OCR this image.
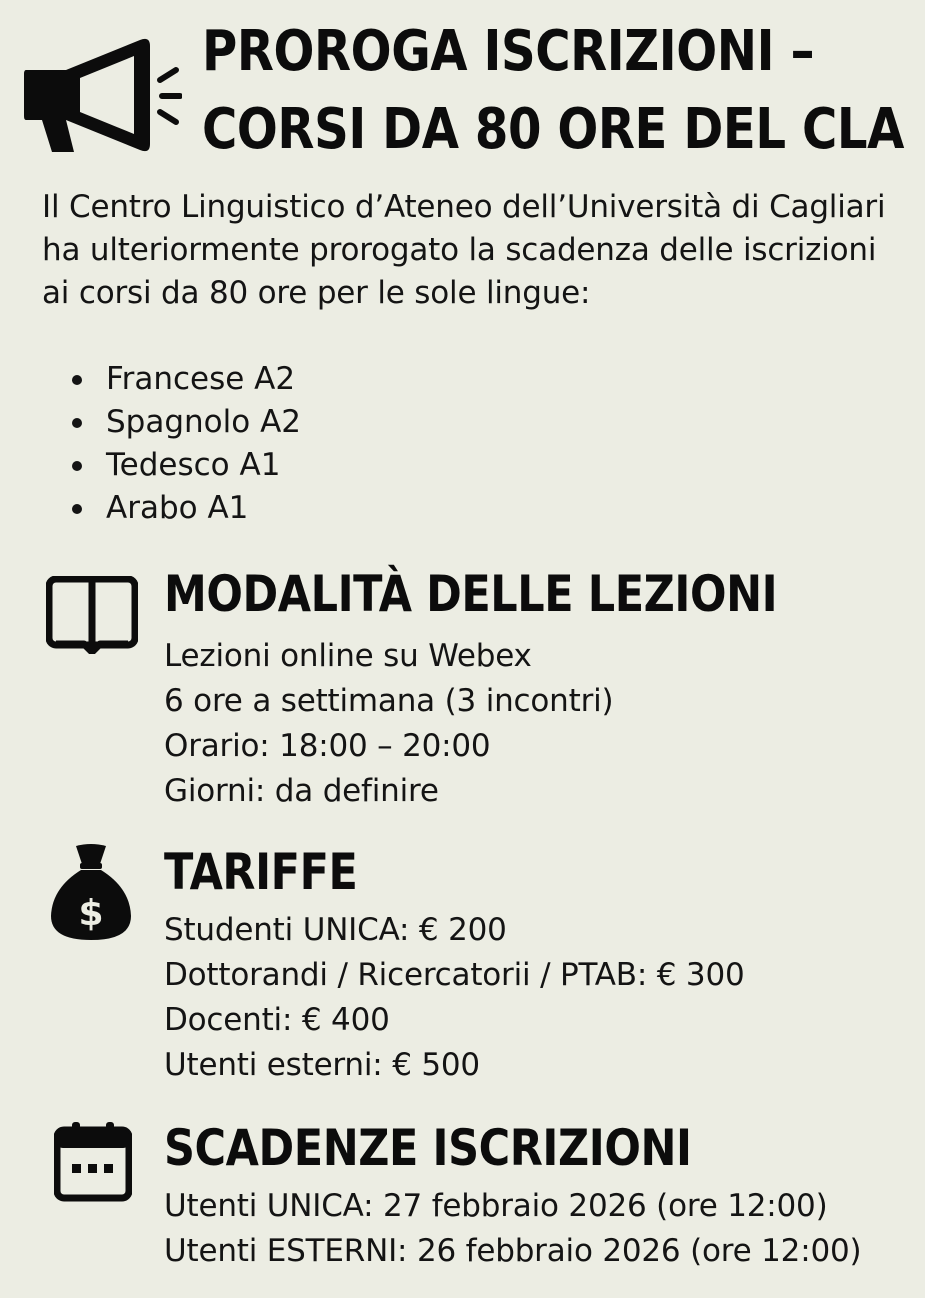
PROROGA ISCRIZIONI –
CORSI DA 80 ORE DEL CLA

Il Centro Linguistico d’Ateneo dell’Università di Cagliari ha ulteriormente prorogato la scadenza delle iscrizioni ai corsi da 80 ore per le sole lingue:

Francese A2
Spagnolo A2
Tedesco A1
Arabo A1
MODALITÀ DELLE LEZIONI
Lezioni online su Webex
6 ore a settimana (3 incontri)
Orario: 18:00 – 20:00
Giorni: da definire
$
TARIFFE
Studenti UNICA: € 200
Dottorandi / Ricercatorii / PTAB: € 300
Docenti: € 400
Utenti esterni: € 500
SCADENZE ISCRIZIONI
Utenti UNICA: 27 febbraio 2026 (ore 12:00)
Utenti ESTERNI: 26 febbraio 2026 (ore 12:00)
